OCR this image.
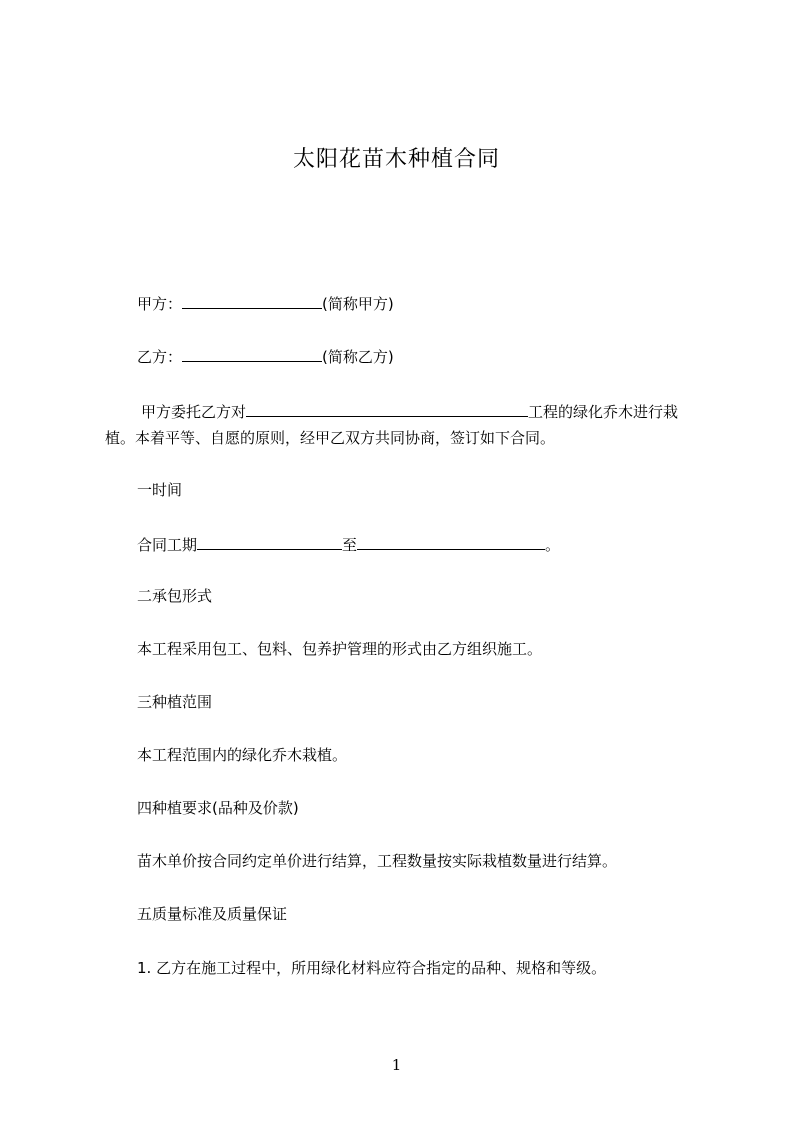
太阳花苗木种植合同
甲方：	(简称甲方)
乙方：	(简称乙方)
甲方委托乙方对	工程的绿化乔木进行栽
植。本着平等、自愿的原则，经甲乙双方共同协商，签订如下合同。
一时间
合同工期	至	。
二承包形式
本工程采用包工、包料、包养护管理的形式由乙方组织施工。
三种植范围
本工程范围内的绿化乔木栽植。
四种植要求(品种及价款)
苗木单价按合同约定单价进行结算，工程数量按实际栽植数量进行结算。
五质量标准及质量保证
1. 乙方在施工过程中，所用绿化材料应符合指定的品种、规格和等级。
1
